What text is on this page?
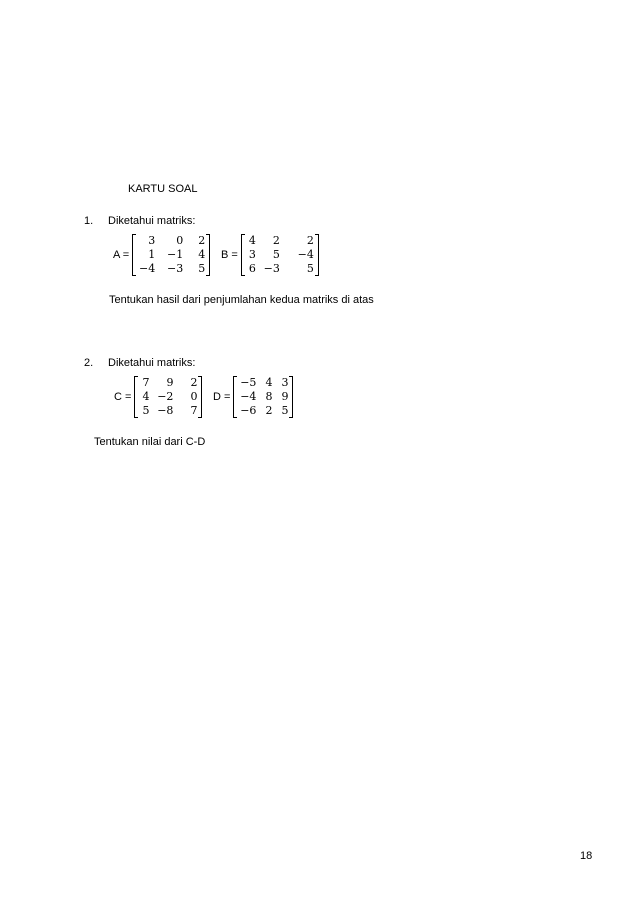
KARTU SOAL
1. Diketahui matriks:
A =
3	0	2
1	−1	4
−4	−3	5
B =
4	2	2
3	5	−4
6 −3	5
Tentukan hasil dari penjumlahan kedua matriks di atas
2. Diketahui matriks:
C =
7	9	2
4 −2	0
5 −8	7
D =
−5 4 3
−4 8 9
−6 2 5
Tentukan nilai dari C-D
18
